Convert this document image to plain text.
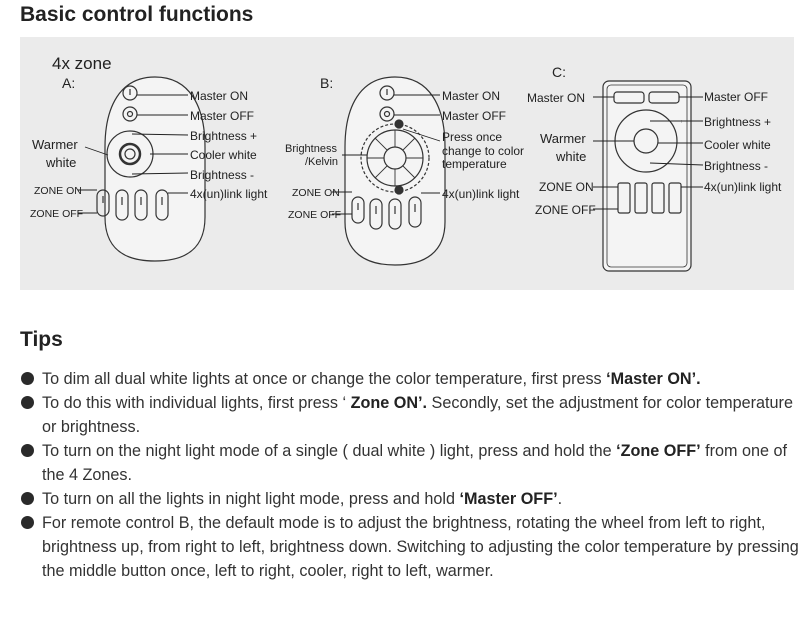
Basic control functions
4x zone
A:
Master ON
Master OFF
Brightness +
Cooler white
Brightness -
4x(un)link light
Warmer
white
ZONE ON
ZONE OFF
B:
Master ON
Master OFF
Press once
change to color
temperature
Brightness
/Kelvin
4x(un)link light
ZONE ON
ZONE OFF
↑
C:
Master ON	Master OFF
Brightness +
Cooler white
Brightness -
4x(un)link light
Warmer
white
ZONE ON
ZONE OFF
Tips
To dim all dual white lights at once or change the color temperature, first press ‘Master ON’.
To do this with individual lights, first press ‘ Zone ON’. Secondly, set the adjustment for color temperature or brightness.
To turn on the night light mode of a single ( dual white ) light, press and hold the ‘Zone OFF’ from one of the 4 Zones.
To turn on all the lights in night light mode, press and hold ‘Master OFF’.
For remote control B, the default mode is to adjust the brightness, rotating the wheel from left to right, brightness up, from right to left, brightness down. Switching to adjusting the color temperature by pressing the middle button once, left to right, cooler, right to left, warmer.
